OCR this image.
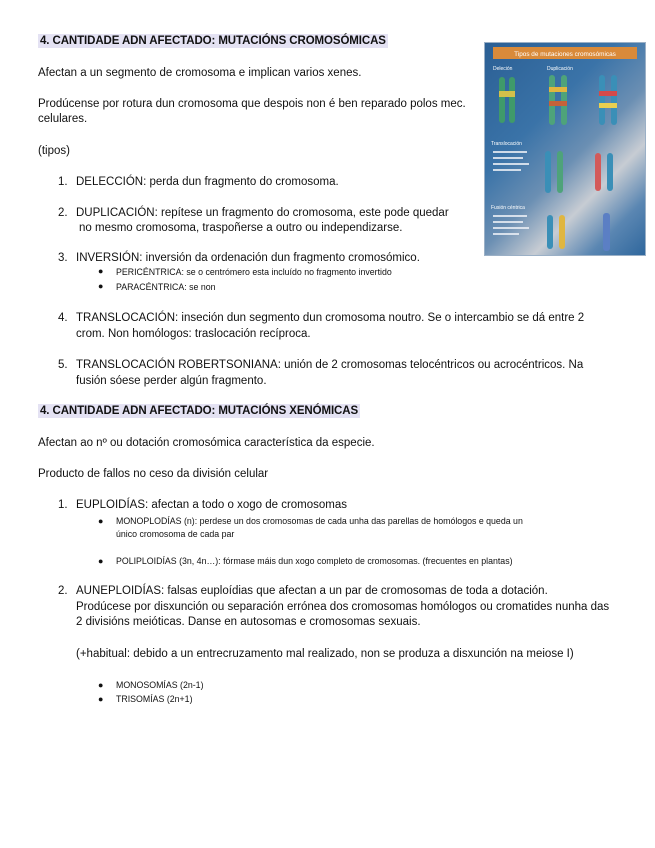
4. CANTIDADE ADN AFECTADO: MUTACIÓNS CROMOSÓMICAS
Afectan a un segmento de cromosoma e implican varios xenes.
Prodúcense por rotura dun cromosoma que despois non é ben reparado polos mec.
celulares.
(tipos)
1. DELECCIÓN: perda dun fragmento do cromosoma.
2. DUPLICACIÓN: repítese un fragmento do cromosoma, este pode quedar
no mesmo cromosoma, traspoñerse a outro ou independizarse.
3. INVERSIÓN: inversión da ordenación dun fragmento cromosómico.
● PERICÉNTRICA: se o centrómero esta incluído no fragmento invertido
● PARACÉNTRICA: se non
4. TRANSLOCACIÓN: inseción dun segmento dun cromosoma noutro. Se o intercambio se dá entre 2
crom. Non homólogos: traslocación recíproca.
5. TRANSLOCACIÓN ROBERTSONIANA: unión de 2 cromosomas telocéntricos ou acrocéntricos. Na
fusión sóese perder algún fragmento.
Tipos de mutaciones cromosómicas
Deleción	Duplicación
Translocación
Fusión céntrica
4. CANTIDADE ADN AFECTADO: MUTACIÓNS XENÓMICAS
Afectan ao nº ou dotación cromosómica característica da especie.
Producto de fallos no ceso da división celular
1. EUPLOIDÍAS: afectan a todo o xogo de cromosomas
● MONOPLODÍAS (n): perdese un dos cromosomas de cada unha das parellas de homólogos e queda un
único cromosoma de cada par
● POLIPLOIDÍAS (3n, 4n…): fórmase máis dun xogo completo de cromosomas. (frecuentes en plantas)
2. AUNEPLOIDÍAS: falsas euploídias que afectan a un par de cromosomas de toda a dotación.
Prodúcese por disxunción ou separación errónea dos cromosomas homólogos ou cromatides nunha das
2 divisións meióticas. Danse en autosomas e cromosomas sexuais.
(+habitual: debido a un entrecruzamento mal realizado, non se produza a disxunción na meiose I)
● MONOSOMÍAS (2n-1)
● TRISOMÍAS (2n+1)
